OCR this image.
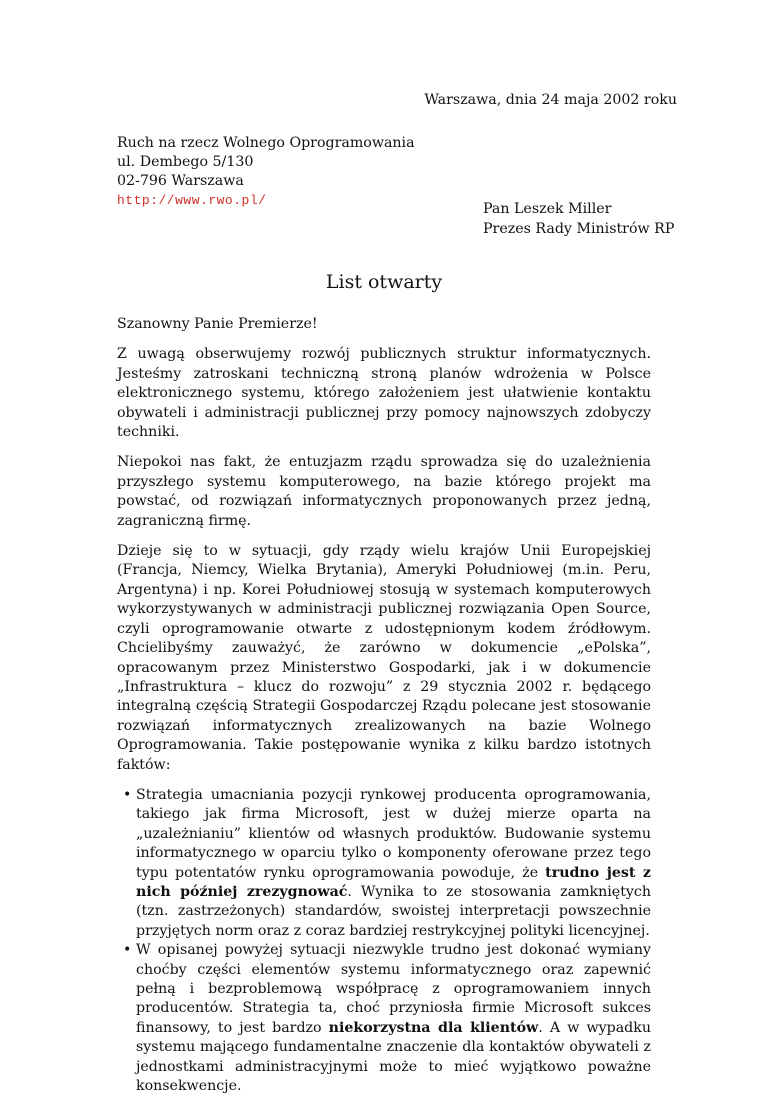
Warszawa, dnia 24 maja 2002 roku
Ruch na rzecz Wolnego Oprogramowania
ul. Dembego 5/130
02-796 Warszawa
http://www.rwo.pl/
Pan Leszek Miller
Prezes Rady Ministrów RP
List otwarty

Szanowny Panie Premierze!

Z uwagą obserwujemy rozwój publicznych struktur informatycznych. Jesteśmy zatroskani techniczną stroną planów wdrożenia w Polsce elektronicznego systemu, którego założeniem jest ułatwienie kontaktu obywateli i administracji publicznej przy pomocy najnowszych zdobyczy techniki.

Niepokoi nas fakt, że entuzjazm rządu sprowadza się do uzależnienia przyszłego systemu komputerowego, na bazie którego projekt ma powstać, od rozwiązań informatycznych proponowanych przez jedną, zagraniczną firmę.

Dzieje się to w sytuacji, gdy rządy wielu krajów Unii Europejskiej (Francja, Niemcy, Wielka Brytania), Ameryki Południowej (m.in. Peru, Argentyna) i np. Korei Południowej stosują w systemach komputerowych wykorzystywanych w administracji publicznej rozwiązania Open Source, czyli oprogramowanie otwarte z udostępnionym kodem źródłowym. Chcielibyśmy zauważyć, że zarówno w dokumencie „ePolska”, opracowanym przez Ministerstwo Gospodarki, jak i w dokumencie „Infrastruktura – klucz do rozwoju” z 29 stycznia 2002 r. będącego integralną częścią Strategii Gospodarczej Rządu polecane jest stosowanie rozwiązań informatycznych zrealizowanych na bazie Wolnego Oprogramowania. Takie postępowanie wynika z kilku bardzo istotnych faktów:

• Strategia umacniania pozycji rynkowej producenta oprogramowania, takiego jak firma Microsoft, jest w dużej mierze oparta na „uzależnianiu” klientów od własnych produktów. Budowanie systemu informatycznego w oparciu tylko o komponenty oferowane przez tego typu potentatów rynku oprogramowania powoduje, że trudno jest z nich później zrezygnować. Wynika to ze stosowania zamkniętych (tzn. zastrzeżonych) standardów, swoistej interpretacji powszechnie przyjętych norm oraz z coraz bardziej restrykcyjnej polityki licencyjnej.
• W opisanej powyżej sytuacji niezwykle trudno jest dokonać wymiany choćby części elementów systemu informatycznego oraz zapewnić pełną i bezproblemową współpracę z oprogramowaniem innych producentów. Strategia ta, choć przyniosła firmie Microsoft sukces finansowy, to jest bardzo niekorzystna dla klientów. A w wypadku systemu mającego fundamentalne znaczenie dla kontaktów obywateli z jednostkami administracyjnymi może to mieć wyjątkowo poważne konsekwencje.
